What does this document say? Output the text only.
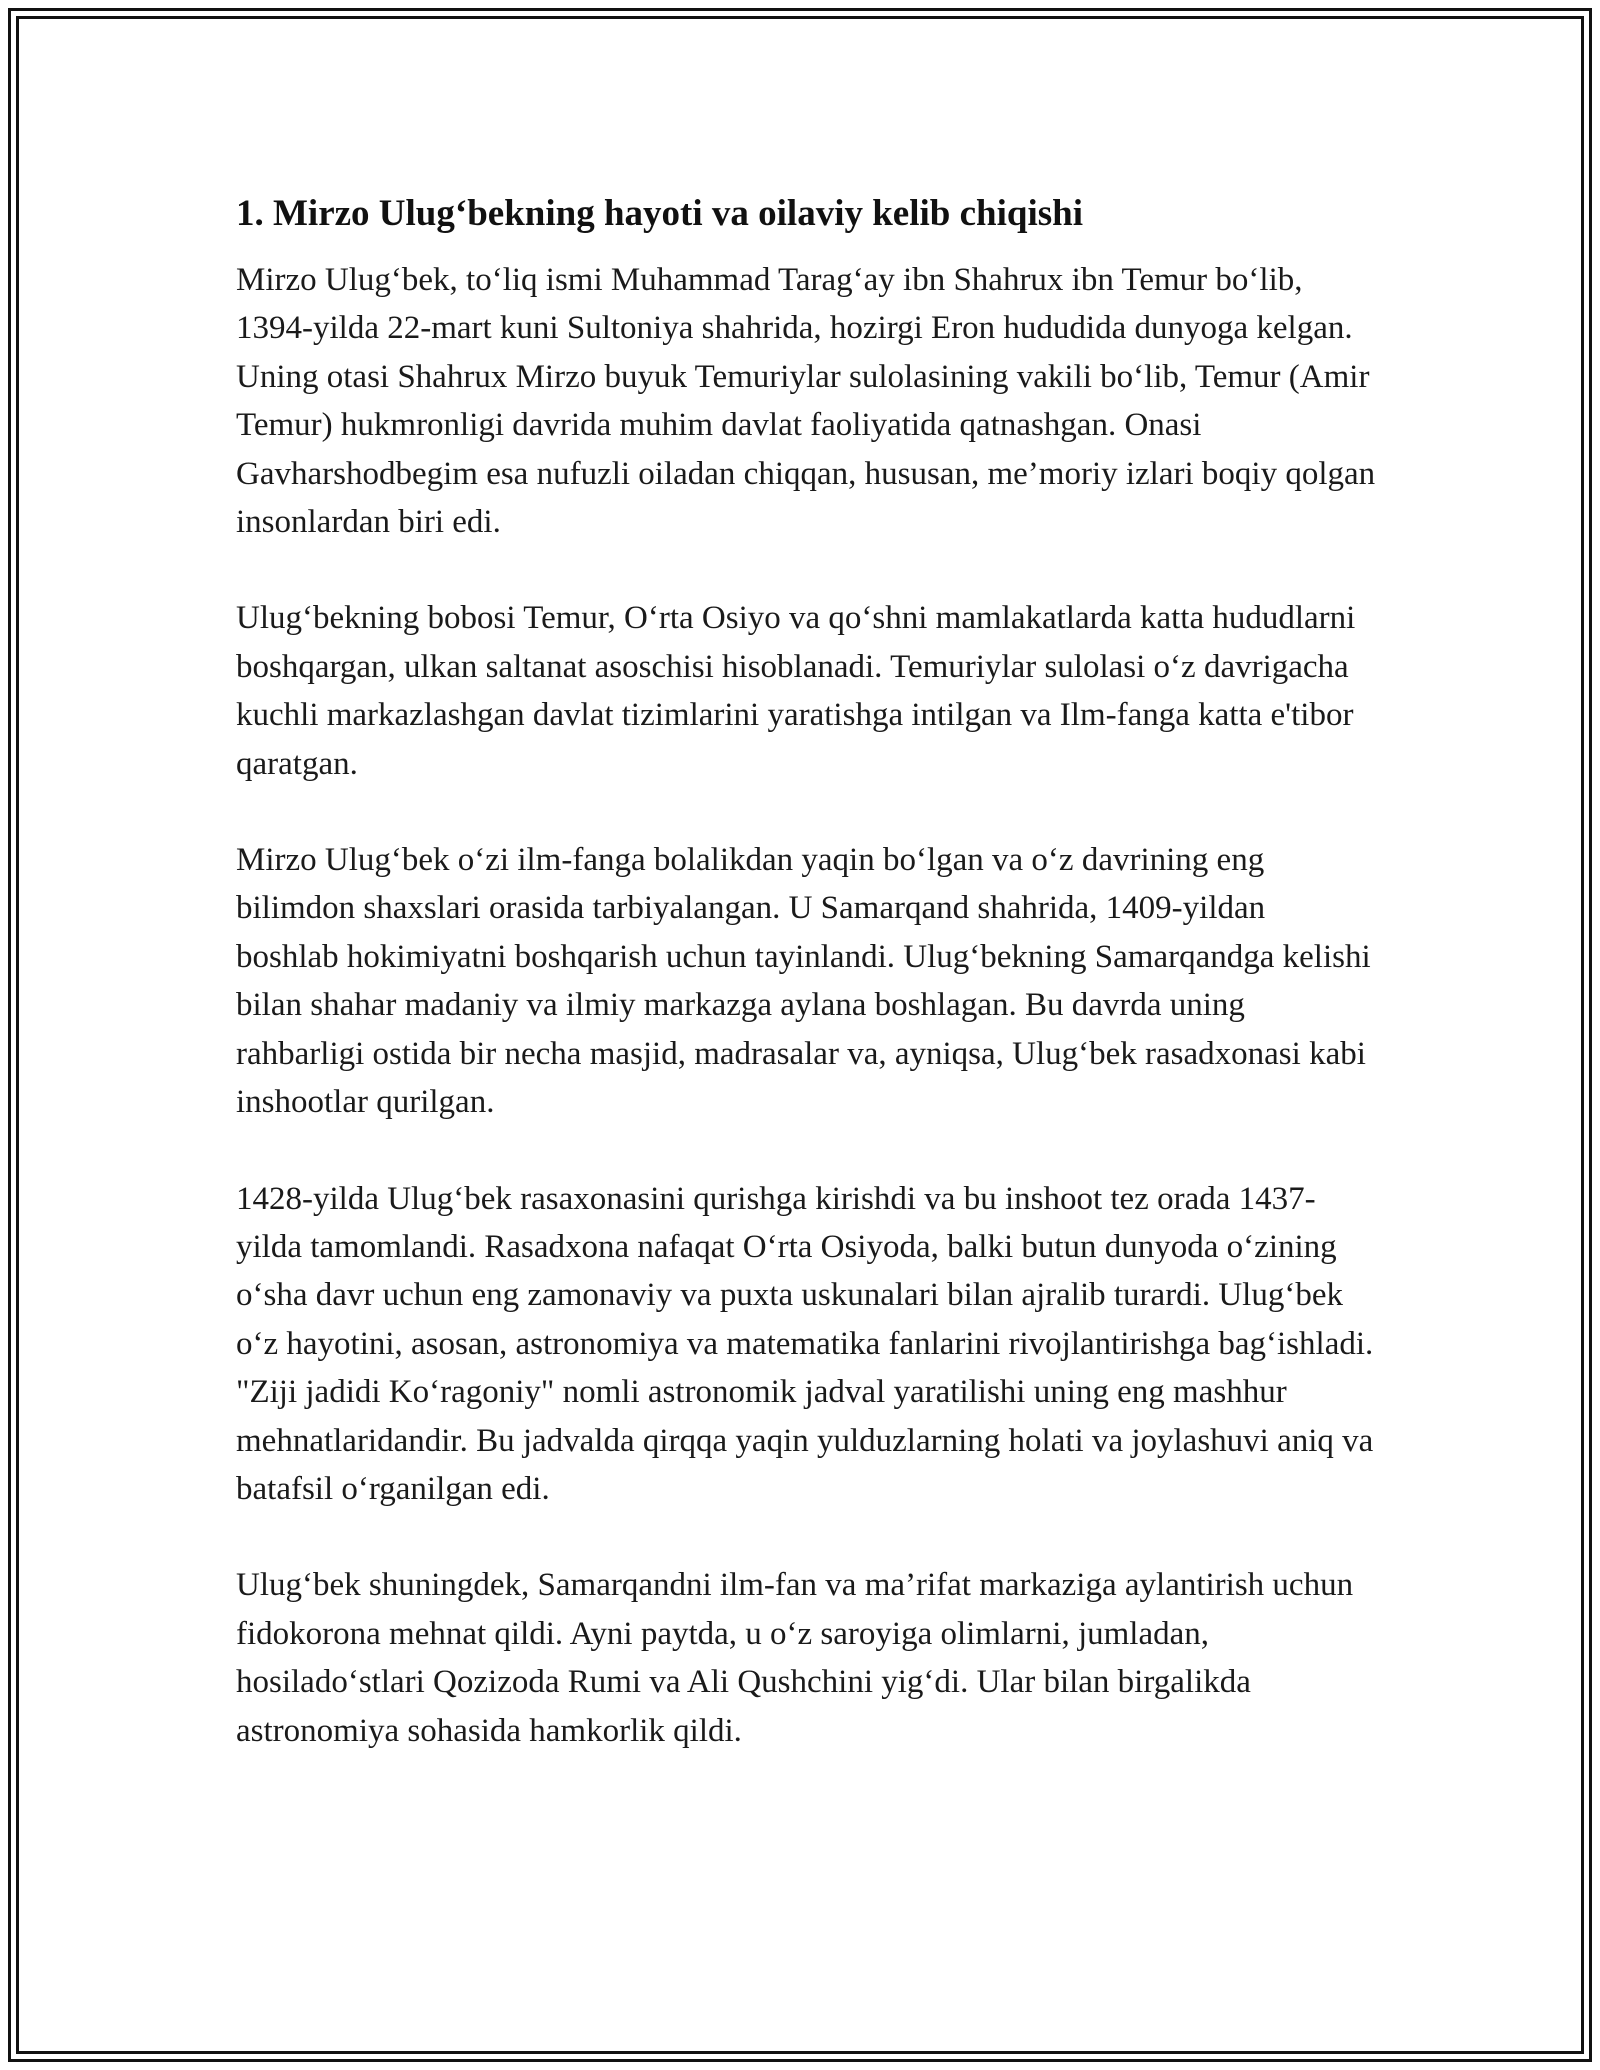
1. Mirzo Ulug‘bekning hayoti va oilaviy kelib chiqishi

Mirzo Ulug‘bek, to‘liq ismi Muhammad Tarag‘ay ibn Shahrux ibn Temur bo‘lib, 1394-yilda 22-mart kuni Sultoniya shahrida, hozirgi Eron hududida dunyoga kelgan. Uning otasi Shahrux Mirzo buyuk Temuriylar sulolasining vakili bo‘lib, Temur (Amir Temur) hukmronligi davrida muhim davlat faoliyatida qatnashgan. Onasi Gavharshodbegim esa nufuzli oiladan chiqqan, hususan, me’moriy izlari boqiy qolgan insonlardan biri edi.

Ulug‘bekning bobosi Temur, O‘rta Osiyo va qo‘shni mamlakatlarda katta hududlarni boshqargan, ulkan saltanat asoschisi hisoblanadi. Temuriylar sulolasi o‘z davrigacha kuchli markazlashgan davlat tizimlarini yaratishga intilgan va Ilm-fanga katta e'tibor qaratgan.

Mirzo Ulug‘bek o‘zi ilm-fanga bolalikdan yaqin bo‘lgan va o‘z davrining eng bilimdon shaxslari orasida tarbiyalangan. U Samarqand shahrida, 1409-yildan boshlab hokimiyatni boshqarish uchun tayinlandi. Ulug‘bekning Samarqandga kelishi bilan shahar madaniy va ilmiy markazga aylana boshlagan. Bu davrda uning rahbarligi ostida bir necha masjid, madrasalar va, ayniqsa, Ulug‘bek rasadxonasi kabi inshootlar qurilgan.

1428-yilda Ulug‘bek rasaxonasini qurishga kirishdi va bu inshoot tez orada 1437-yilda tamomlandi. Rasadxona nafaqat O‘rta Osiyoda, balki butun dunyoda o‘zining o‘sha davr uchun eng zamonaviy va puxta uskunalari bilan ajralib turardi. Ulug‘bek o‘z hayotini, asosan, astronomiya va matematika fanlarini rivojlantirishga bag‘ishladi. "Ziji jadidi Ko‘ragoniy" nomli astronomik jadval yaratilishi uning eng mashhur mehnatlaridandir. Bu jadvalda qirqqa yaqin yulduzlarning holati va joylashuvi aniq va batafsil o‘rganilgan edi.

Ulug‘bek shuningdek, Samarqandni ilm-fan va ma’rifat markaziga aylantirish uchun fidokorona mehnat qildi. Ayni paytda, u o‘z saroyiga olimlarni, jumladan, hosilado‘stlari Qozizoda Rumi va Ali Qushchini yig‘di. Ular bilan birgalikda astronomiya sohasida hamkorlik qildi.
